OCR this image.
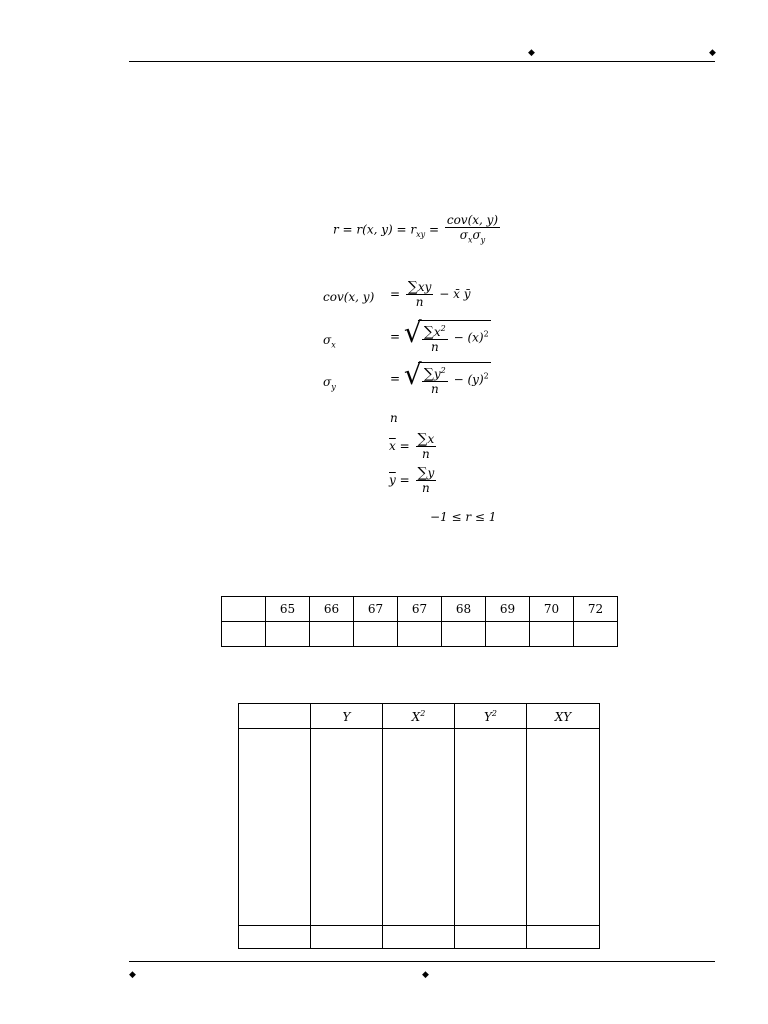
◆	◆
r = r(x, $y) = r_{xy} = \frac{\text{cov(x, y)}}{\sigma_x\sigma_y}$
cov(x, $y) = \frac{\sum xy}{n}$ − x̄ ȳ
$\sigma_x$
= √ $\frac{\sum x^2}{n} - (x)^2$
$\sigma_y$
= √ $\frac{\sum y^2}{n} - (y)^2$
n
$\overline{x} = \frac{\sum x}{n}$
$\overline{y} = \frac{\sum y}{n}$
−1 ≤ r ≤ 1
	65	66	67	67	68	69	70	72

	Y	$X^2$	$Y^2$	XY

◆	◆
